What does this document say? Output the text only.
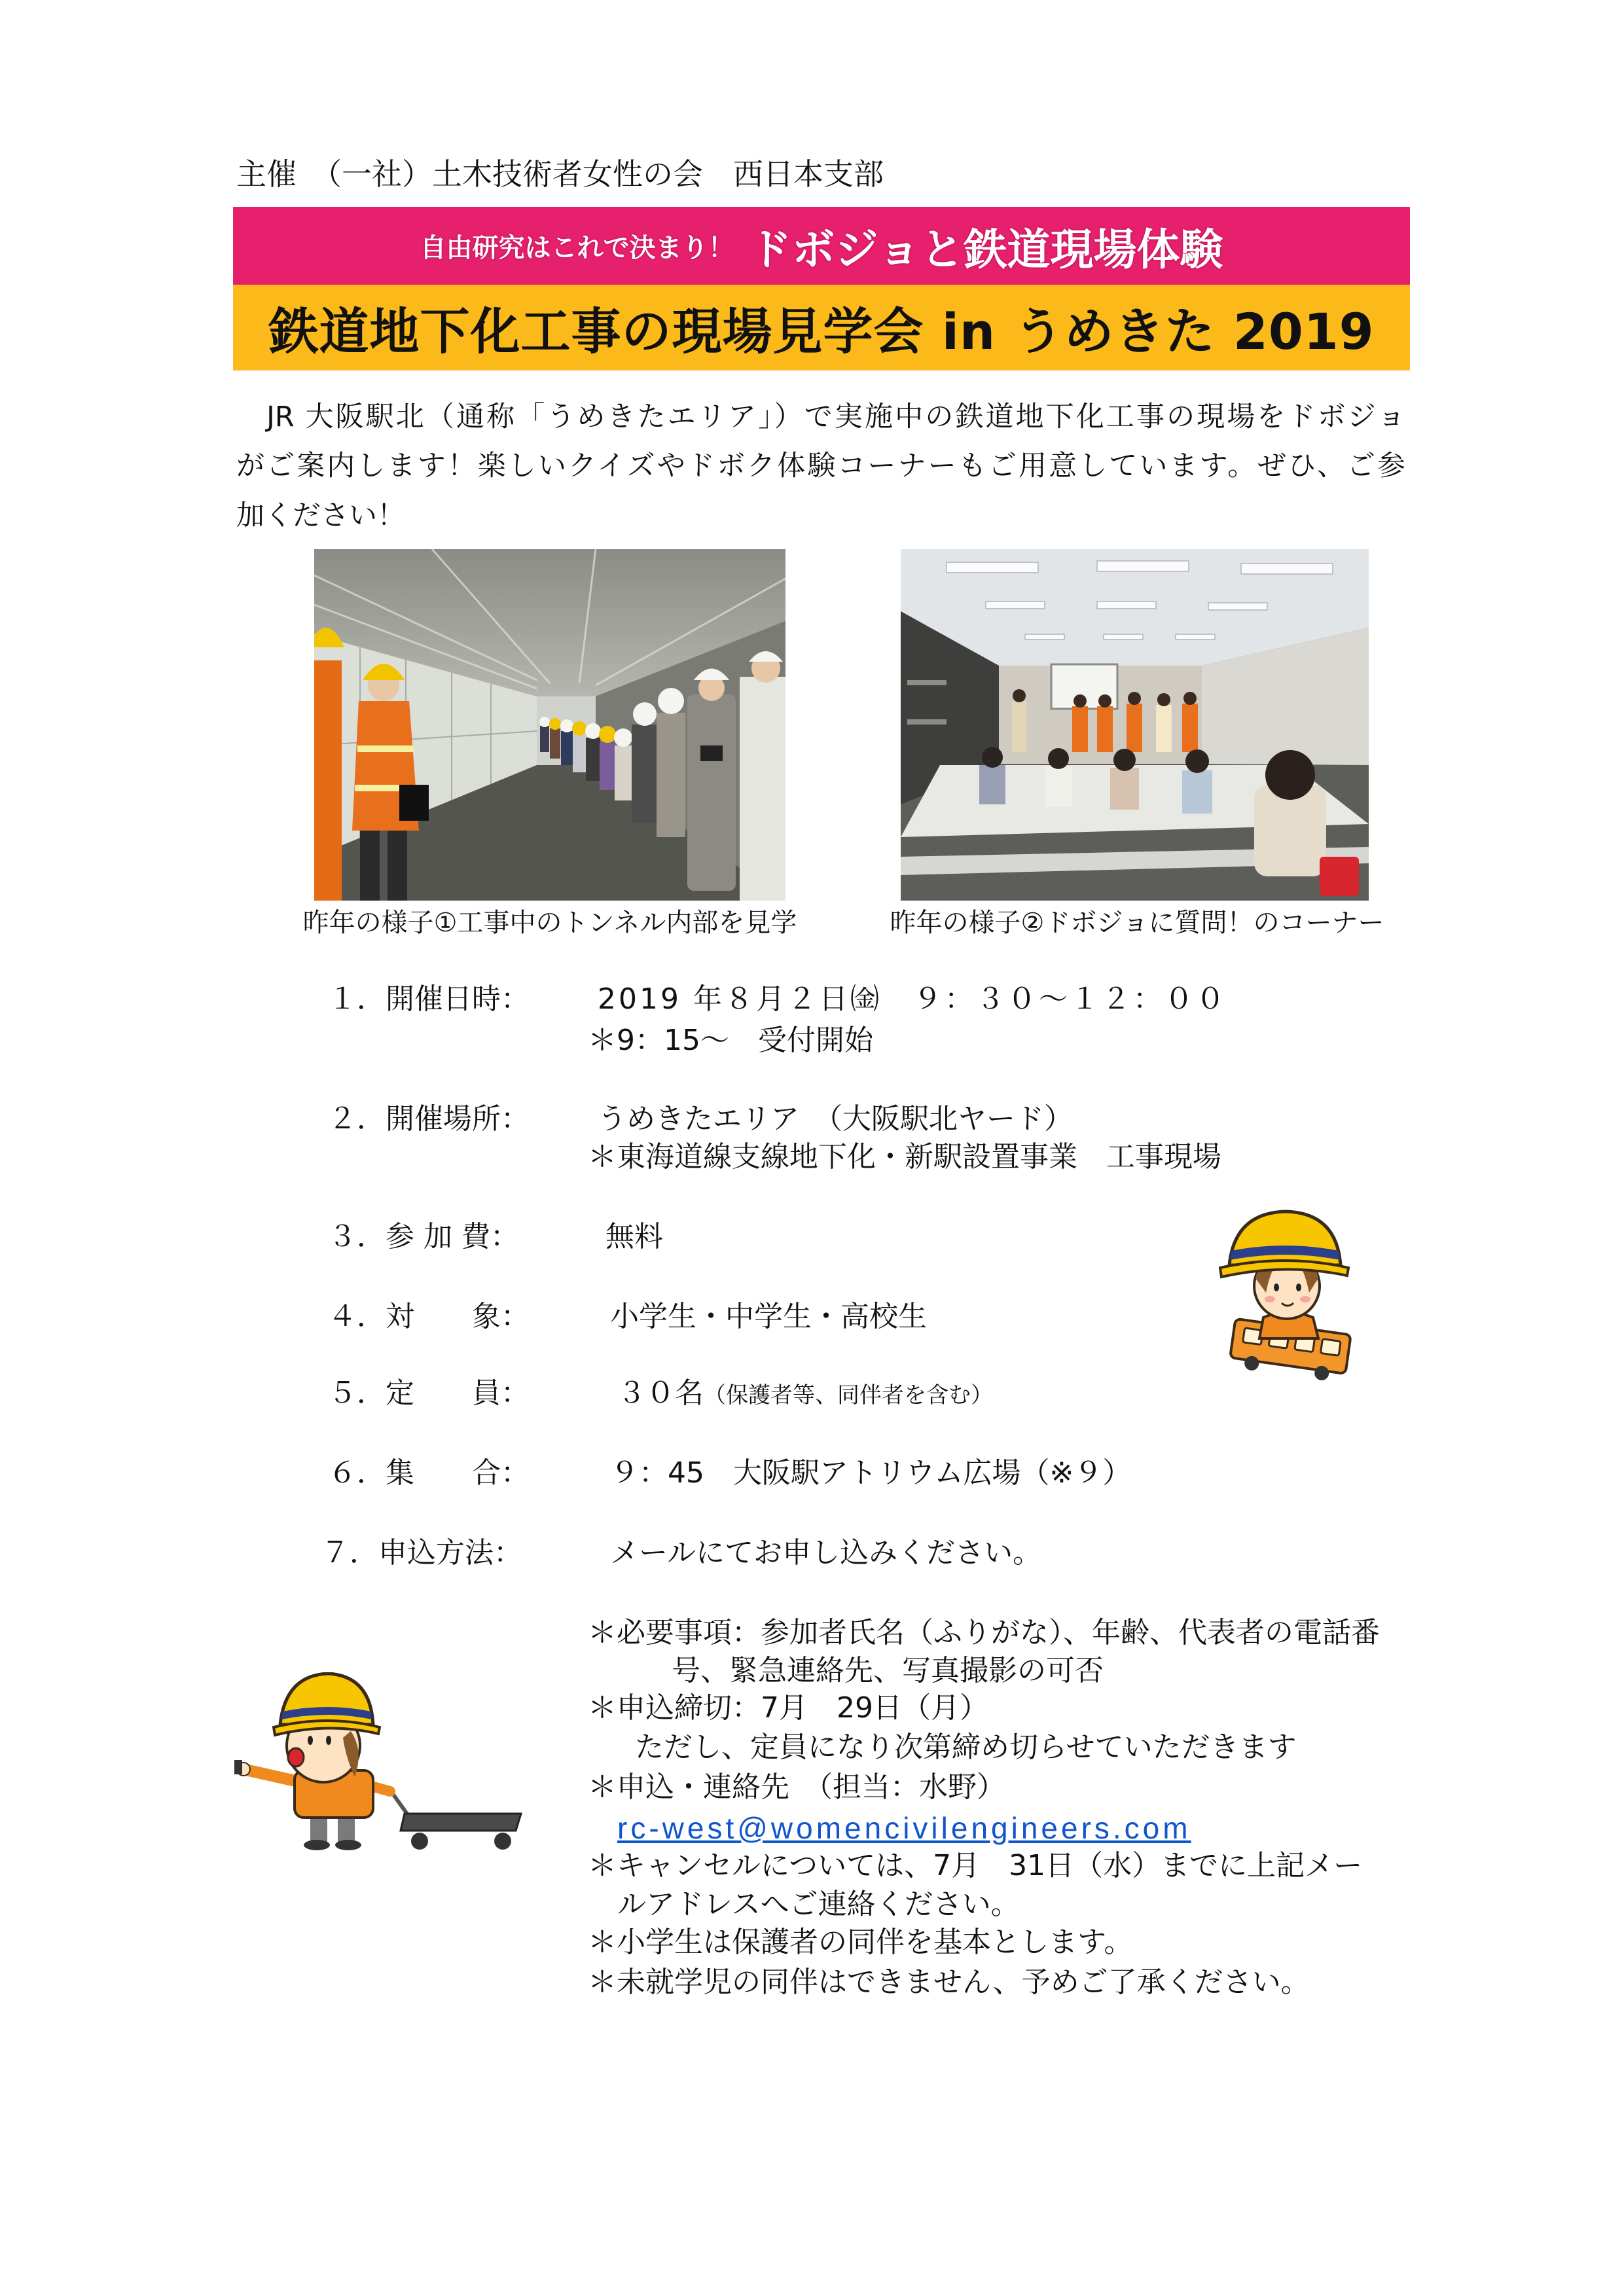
主催　（一社）土木技術者女性の会　西日本支部
自由研究はこれで決まり！ ドボジョと鉄道現場体験
鉄道地下化工事の現場見学会 in うめきた 2019
　JR 大阪駅北（通称「うめきたエリア」）で実施中の鉄道地下化工事の現場をドボジョ
がご案内します！楽しいクイズやドボク体験コーナーもご用意しています。ぜひ、ご参
加ください！
昨年の様子①工事中のトンネル内部を見学	昨年の様子②ドボジョに質問！のコーナー
１．開催日時： 2019 年８月２日㈮　９：３０～１２：００
＊9：15～　受付開始
２．開催場所： うめきたエリア　（大阪駅北ヤード）
＊東海道線支線地下化・新駅設置事業　工事現場
３．参 加 費：	無料
４．対　　象：	小学生・中学生・高校生
５．定　　員：	３０名（保護者等、同伴者を含む）
６．集　　合：	９：45　大阪駅アトリウム広場（※９）
７．申込方法：	メールにてお申し込みください。
＊必要事項：参加者氏名（ふりがな）、年齢、代表者の電話番
号、緊急連絡先、写真撮影の可否
＊申込締切：7月　29日（月）
ただし、定員になり次第締め切らせていただきます
＊申込・連絡先　（担当：水野）
rc-west@womencivilengineers.com
＊キャンセルについては、7月　31日（水）までに上記メー
ルアドレスへご連絡ください。
＊小学生は保護者の同伴を基本とします。
＊未就学児の同伴はできません、予めご了承ください。
